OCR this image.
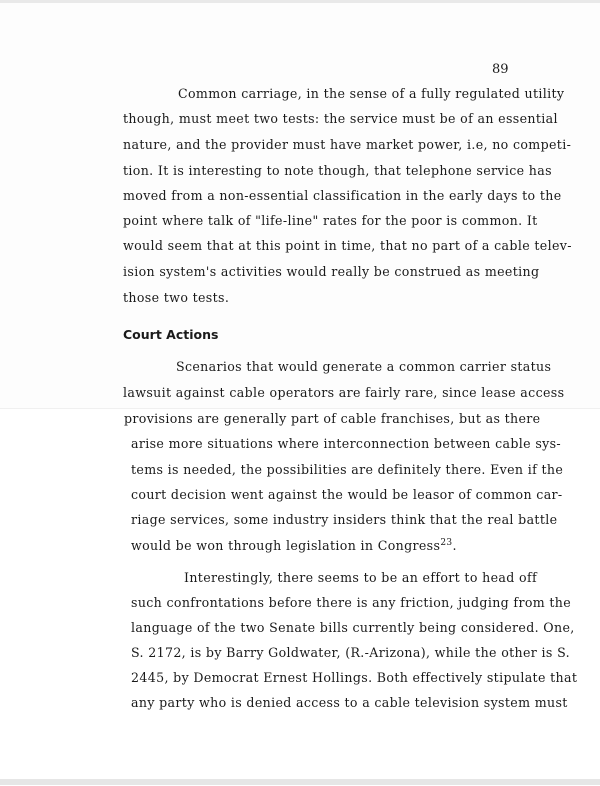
89
Common carriage, in the sense of a fully regulated utility
though, must meet two tests: the service must be of an essential
nature, and the provider must have market power, i.e, no competi-
tion. It is interesting to note though, that telephone service has
moved from a non-essential classification in the early days to the
point where talk of "life-line" rates for the poor is common. It
would seem that at this point in time, that no part of a cable telev-
ision system's activities would really be construed as meeting
those two tests.
Court Actions
Scenarios that would generate a common carrier status
lawsuit against cable operators are fairly rare, since lease access
provisions are generally part of cable franchises, but as there
arise more situations where interconnection between cable sys-
tems is needed, the possibilities are definitely there. Even if the
court decision went against the would be leasor of common car-
riage services, some industry insiders think that the real battle
would be won through legislation in Congress$^{23}$.
Interestingly, there seems to be an effort to head off
such confrontations before there is any friction, judging from the
language of the two Senate bills currently being considered. One,
S. 2172, is by Barry Goldwater, (R.-Arizona), while the other is S.
2445, by Democrat Ernest Hollings. Both effectively stipulate that
any party who is denied access to a cable television system must
